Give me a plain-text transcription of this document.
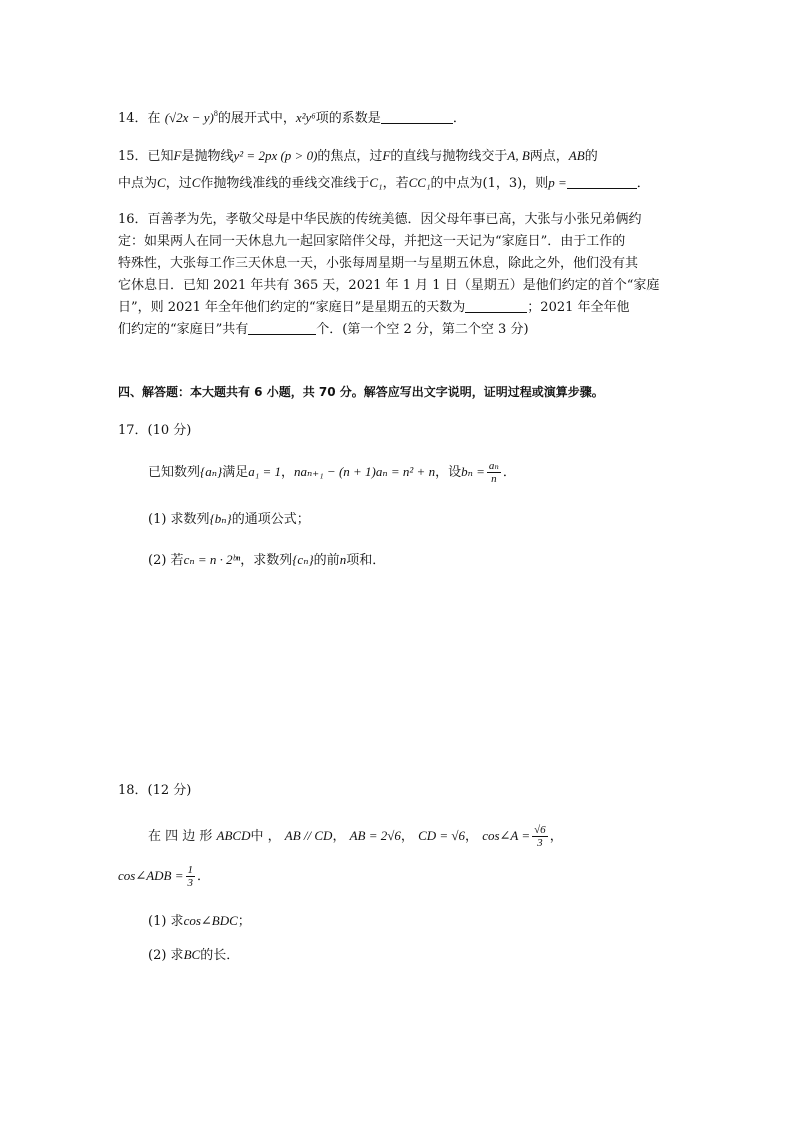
14．在 $(√2x - y)^8$的展开式中，x²y⁶项的系数是	．
15．已知F是抛物线y² = 2px (p > 0)的焦点，过F的直线与抛物线交于A, B两点，AB的
中点为C，过C作抛物线准线的垂线交准线于C₁，若CC₁的中点为(1，3)，则p =	．
16．百善孝为先，孝敬父母是中华民族的传统美德．因父母年事已高，大张与小张兄弟俩约
定：如果两人在同一天休息九一起回家陪伴父母，并把这一天记为“家庭日”．由于工作的
特殊性，大张每工作三天休息一天，小张每周星期一与星期五休息，除此之外，他们没有其
它休息日．已知 2021 年共有 365 天，2021 年 1 月 1 日（星期五）是他们约定的首个“家庭
日”，则 2021 年全年他们约定的“家庭日”是星期五的天数为	；2021 年全年他
们约定的“家庭日”共有	个．(第一个空 2 分，第二个空 3 分)
四、解答题：本大题共有 6 小题，共 70 分。解答应写出文字说明，证明过程或演算步骤。
17．(10 分)
已知数列{aₙ}满足a₁ = 1，naₙ₊₁ − (n + 1)aₙ = n² + n，设$b_n = \frac{\text{aₙ}}{n}$ ．
(1) 求数列{bₙ}的通项公式；
(2) 若cₙ = n · 2ᵇⁿ，求数列{cₙ}的前n项和．
18．(12 分)
在 四 边 形 ABCD中 ， AB // CD， AB = 2√6， CD = √6， cos∠A = $\frac{√6}{3}$ ，
cos∠ADB = $\frac{1}{3}$ ．
(1) 求cos∠BDC；
(2) 求BC的长．
